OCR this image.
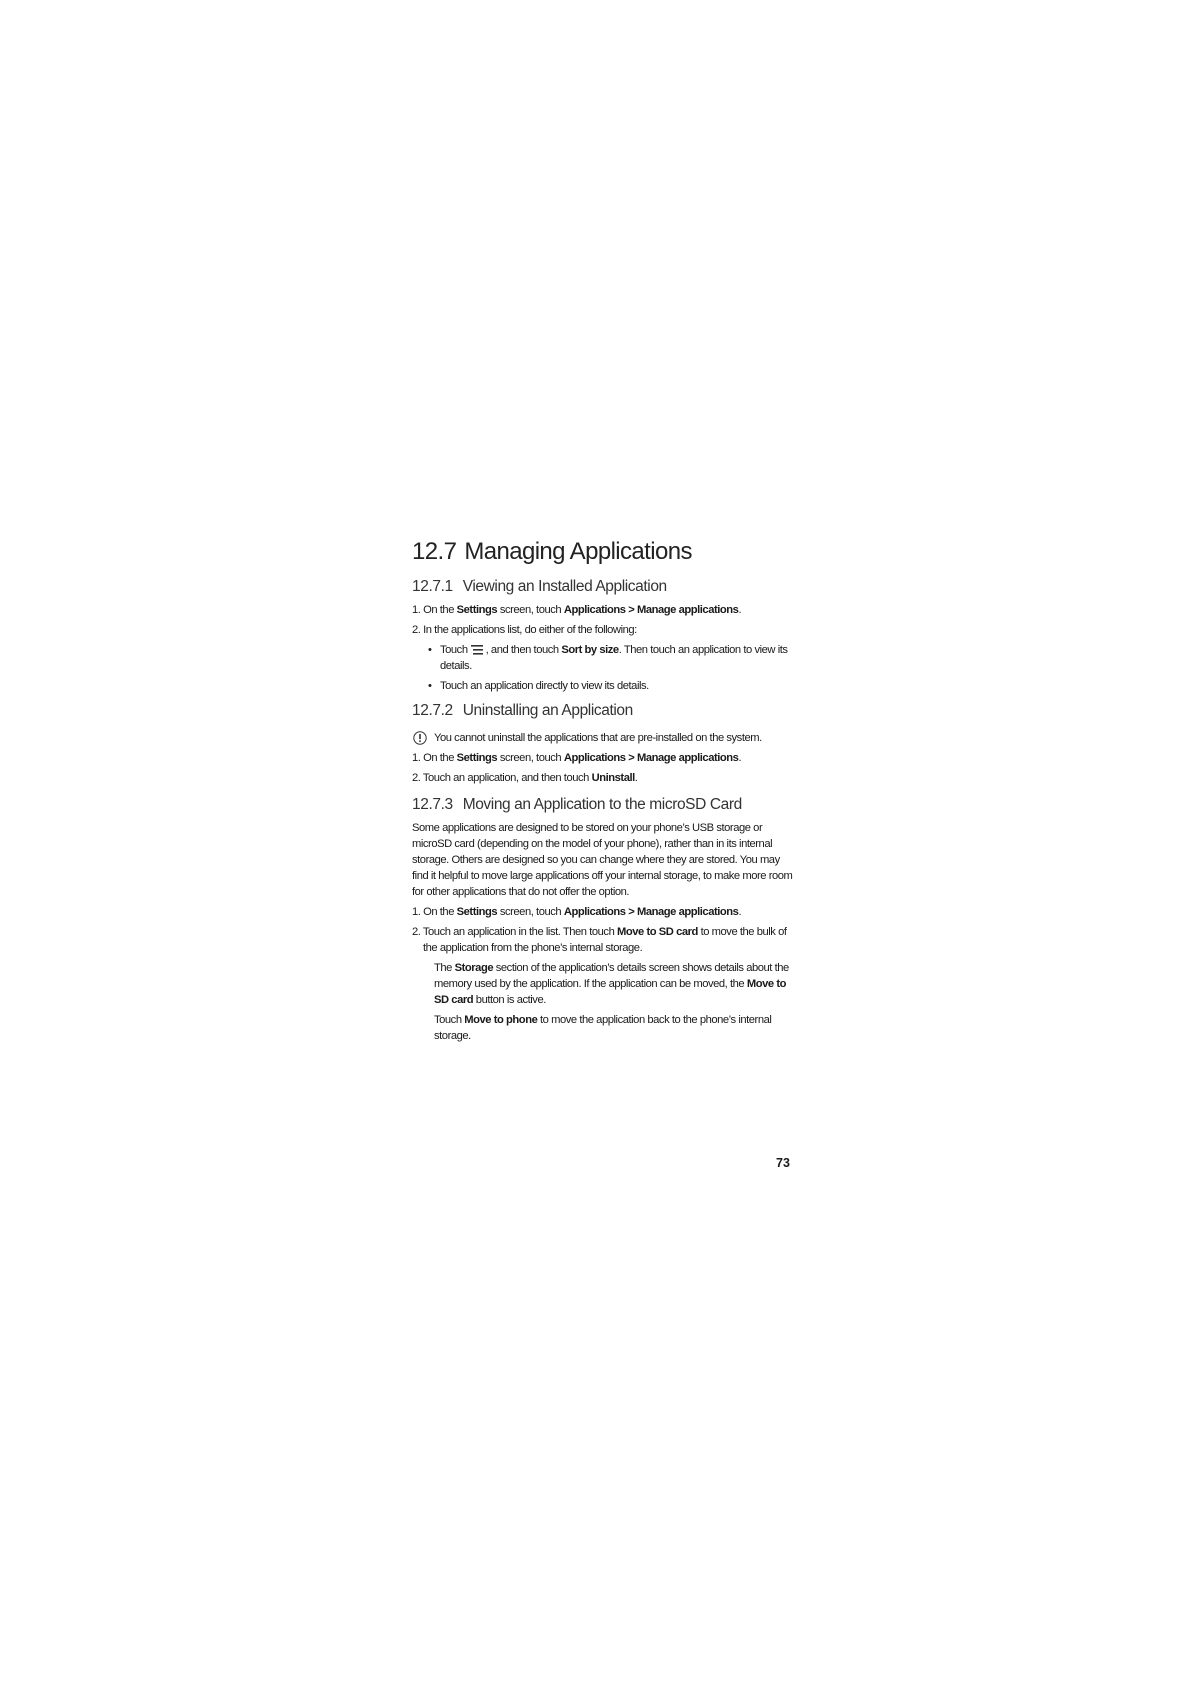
12.7 Managing Applications
12.7.1 Viewing an Installed Application

1. On the Settings screen, touch Applications > Manage applications.

2. In the applications list, do either of the following:

• Touch , and then touch Sort by size. Then touch an application to view its details.
• Touch an application directly to view its details.
12.7.2 Uninstalling an Application
You cannot uninstall the applications that are pre-installed on the system.

1. On the Settings screen, touch Applications > Manage applications.

2. Touch an application, and then touch Uninstall.

12.7.3 Moving an Application to the microSD Card

Some applications are designed to be stored on your phone’s USB storage or microSD card (depending on the model of your phone), rather than in its internal storage. Others are designed so you can change where they are stored. You may find it helpful to move large applications off your internal storage, to make more room for other applications that do not offer the option.

1. On the Settings screen, touch Applications > Manage applications.

2. Touch an application in the list. Then touch Move to SD card to move the bulk of the application from the phone’s internal storage.

The Storage section of the application’s details screen shows details about the memory used by the application. If the application can be moved, the Move to SD card button is active.

Touch Move to phone to move the application back to the phone’s internal storage.

73
